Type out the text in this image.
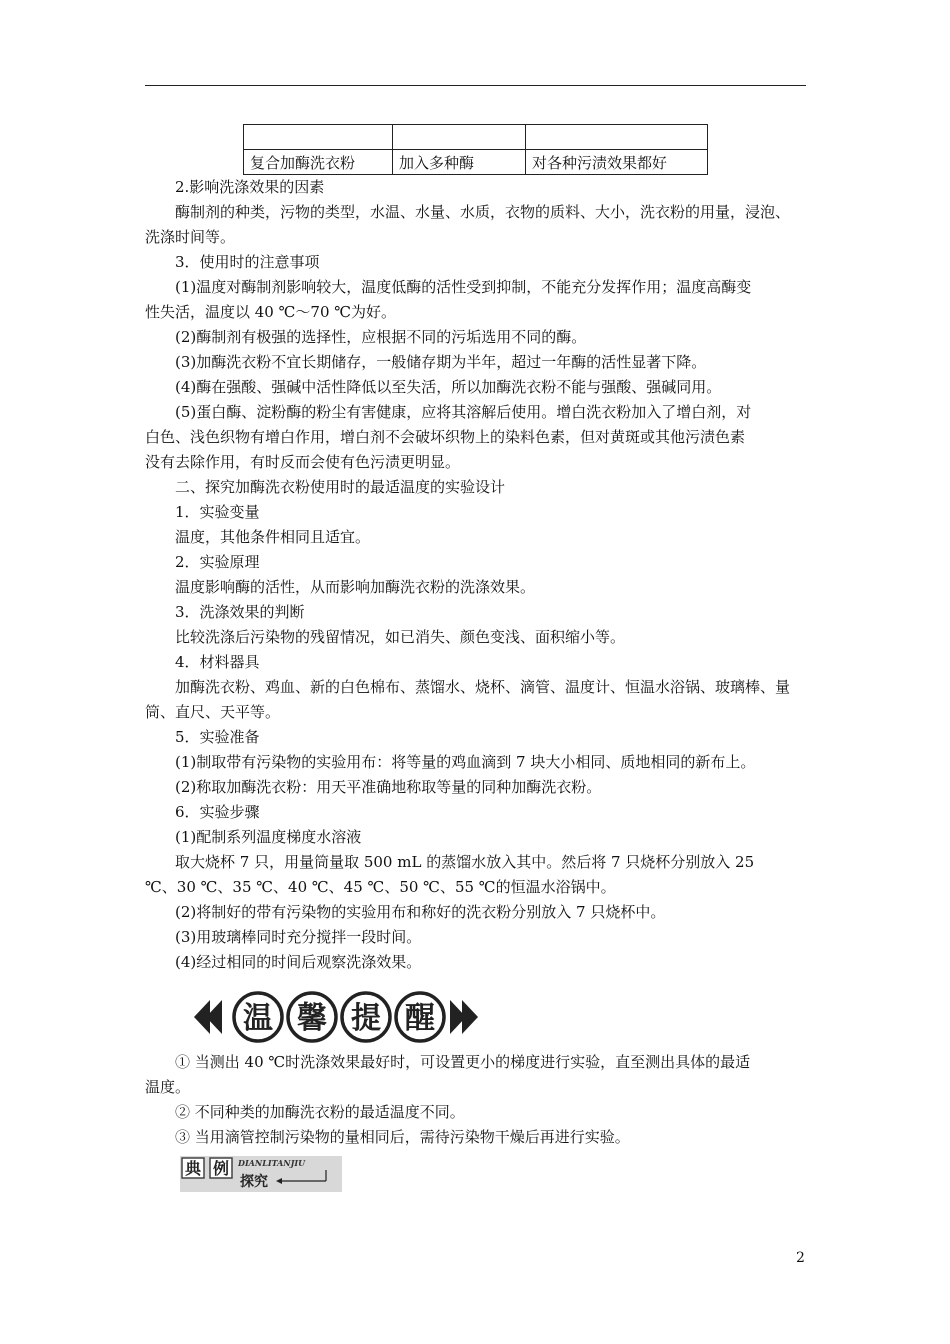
复合加酶洗衣粉	加入多种酶	对各种污渍效果都好
2.影响洗涤效果的因素
酶制剂的种类，污物的类型，水温、水量、水质，衣物的质料、大小，洗衣粉的用量，浸泡、
洗涤时间等。
3．使用时的注意事项
(1)温度对酶制剂影响较大，温度低酶的活性受到抑制，不能充分发挥作用；温度高酶变
性失活，温度以 40 ℃～70 ℃为好。
(2)酶制剂有极强的选择性，应根据不同的污垢选用不同的酶。
(3)加酶洗衣粉不宜长期储存，一般储存期为半年，超过一年酶的活性显著下降。
(4)酶在强酸、强碱中活性降低以至失活，所以加酶洗衣粉不能与强酸、强碱同用。
(5)蛋白酶、淀粉酶的粉尘有害健康，应将其溶解后使用。增白洗衣粉加入了增白剂，对
白色、浅色织物有增白作用，增白剂不会破坏织物上的染料色素，但对黄斑或其他污渍色素
没有去除作用，有时反而会使有色污渍更明显。
二、探究加酶洗衣粉使用时的最适温度的实验设计
1．实验变量
温度，其他条件相同且适宜。
2．实验原理
温度影响酶的活性，从而影响加酶洗衣粉的洗涤效果。
3．洗涤效果的判断
比较洗涤后污染物的残留情况，如已消失、颜色变浅、面积缩小等。
4．材料器具
加酶洗衣粉、鸡血、新的白色棉布、蒸馏水、烧杯、滴管、温度计、恒温水浴锅、玻璃棒、量
筒、直尺、天平等。
5．实验准备
(1)制取带有污染物的实验用布：将等量的鸡血滴到 7 块大小相同、质地相同的新布上。
(2)称取加酶洗衣粉：用天平准确地称取等量的同种加酶洗衣粉。
6．实验步骤
(1)配制系列温度梯度水溶液
取大烧杯 7 只，用量筒量取 500 mL 的蒸馏水放入其中。然后将 7 只烧杯分别放入 25
℃、30 ℃、35 ℃、40 ℃、45 ℃、50 ℃、55 ℃的恒温水浴锅中。
(2)将制好的带有污染物的实验用布和称好的洗衣粉分别放入 7 只烧杯中。
(3)用玻璃棒同时充分搅拌一段时间。
(4)经过相同的时间后观察洗涤效果。
温 馨 提 醒
① 当测出 40 ℃时洗涤效果最好时，可设置更小的梯度进行实验，直至测出具体的最适
温度。
② 不同种类的加酶洗衣粉的最适温度不同。
③ 当用滴管控制污染物的量相同后，需待污染物干燥后再进行实验。
典 例 DIANLITANJIU
探究
2
